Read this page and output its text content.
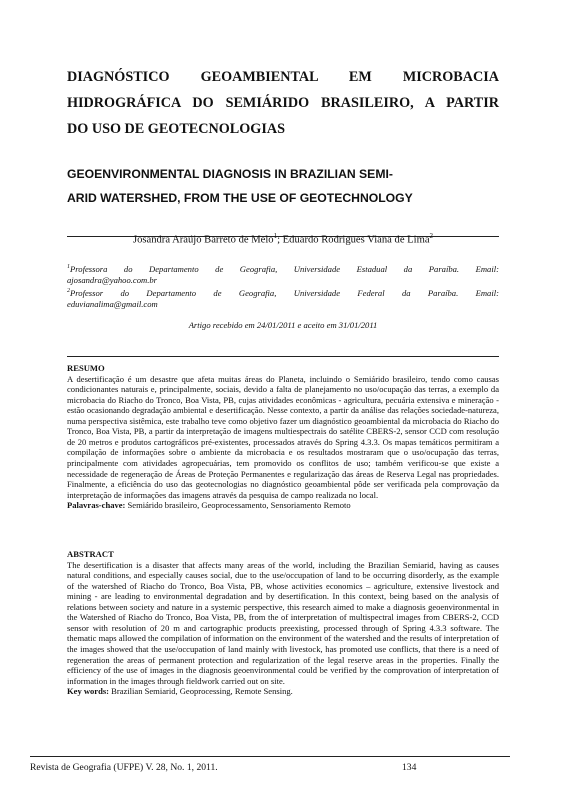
DIAGNÓSTICO GEOAMBIENTAL EM MICROBACIA
HIDROGRÁFICA DO SEMIÁRIDO BRASILEIRO, A PARTIR
DO USO DE GEOTECNOLOGIAS
GEOENVIRONMENTAL DIAGNOSIS IN BRAZILIAN SEMI-
ARID WATERSHED, FROM THE USE OF GEOTECHNOLOGY
Josandra Araújo Barreto de Melo$^1$; Eduardo Rodrigues Viana de Lima$^2$
$^1$Professora do Departamento de Geografia, Universidade Estadual da Paraíba. Email:
ajosandra@yahoo.com.br
$^2$Professor do Departamento de Geografia, Universidade Federal da Paraíba. Email:
eduvianalima@gmail.com
Artigo recebido em 24/01/2011 e aceito em 31/01/2011
RESUMO

A desertificação é um desastre que afeta muitas áreas do Planeta, incluindo o Semiárido brasileiro, tendo como causas condicionantes naturais e, principalmente, sociais, devido a falta de planejamento no uso/ocupação das terras, a exemplo da microbacia do Riacho do Tronco, Boa Vista, PB, cujas atividades econômicas - agricultura, pecuária extensiva e mineração - estão ocasionando degradação ambiental e desertificação. Nesse contexto, a partir da análise das relações sociedade-natureza, numa perspectiva sistêmica, este trabalho teve como objetivo fazer um diagnóstico geoambiental da microbacia do Riacho do Tronco, Boa Vista, PB, a partir da interpretação de imagens multiespectrais do satélite CBERS-2, sensor CCD com resolução de 20 metros e produtos cartográficos pré-existentes, processados através do Spring 4.3.3. Os mapas temáticos permitiram a compilação de informações sobre o ambiente da microbacia e os resultados mostraram que o uso/ocupação das terras, principalmente com atividades agropecuárias, tem promovido os conflitos de uso; também verificou-se que existe a necessidade de regeneração de Áreas de Proteção Permanentes e regularização das áreas de Reserva Legal nas propriedades. Finalmente, a eficiência do uso das geotecnologias no diagnóstico geoambiental pôde ser verificada pela comprovação da interpretação de informações das imagens através da pesquisa de campo realizada no local.

Palavras-chave: Semiárido brasileiro, Geoprocessamento, Sensoriamento Remoto

ABSTRACT

The desertification is a disaster that affects many areas of the world, including the Brazilian Semiarid, having as causes natural conditions, and especially causes social, due to the use/occupation of land to be occurring disorderly, as the example of the watershed of Riacho do Tronco, Boa Vista, PB, whose activities economics – agriculture, extensive livestock and mining - are leading to environmental degradation and by desertification. In this context, being based on the analysis of relations between society and nature in a systemic perspective, this research aimed to make a diagnosis geoenvironmental in the Watershed of Riacho do Tronco, Boa Vista, PB, from the of interpretation of multispectral images from CBERS-2, CCD sensor with resolution of 20 m and cartographic products preexisting, processed through of Spring 4.3.3 software. The thematic maps allowed the compilation of information on the environment of the watershed and the results of interpretation of the images showed that the use/occupation of land mainly with livestock, has promoted use conflicts, that there is a need of regeneration the areas of permanent protection and regularization of the legal reserve areas in the properties. Finally the efficiency of the use of images in the diagnosis geoenvironmental could be verified by the comprovation of interpretation of information in the images through fieldwork carried out on site.

Key words: Brazilian Semiarid, Geoprocessing, Remote Sensing.

Revista de Geografia (UFPE) V. 28, No. 1, 2011.	134
